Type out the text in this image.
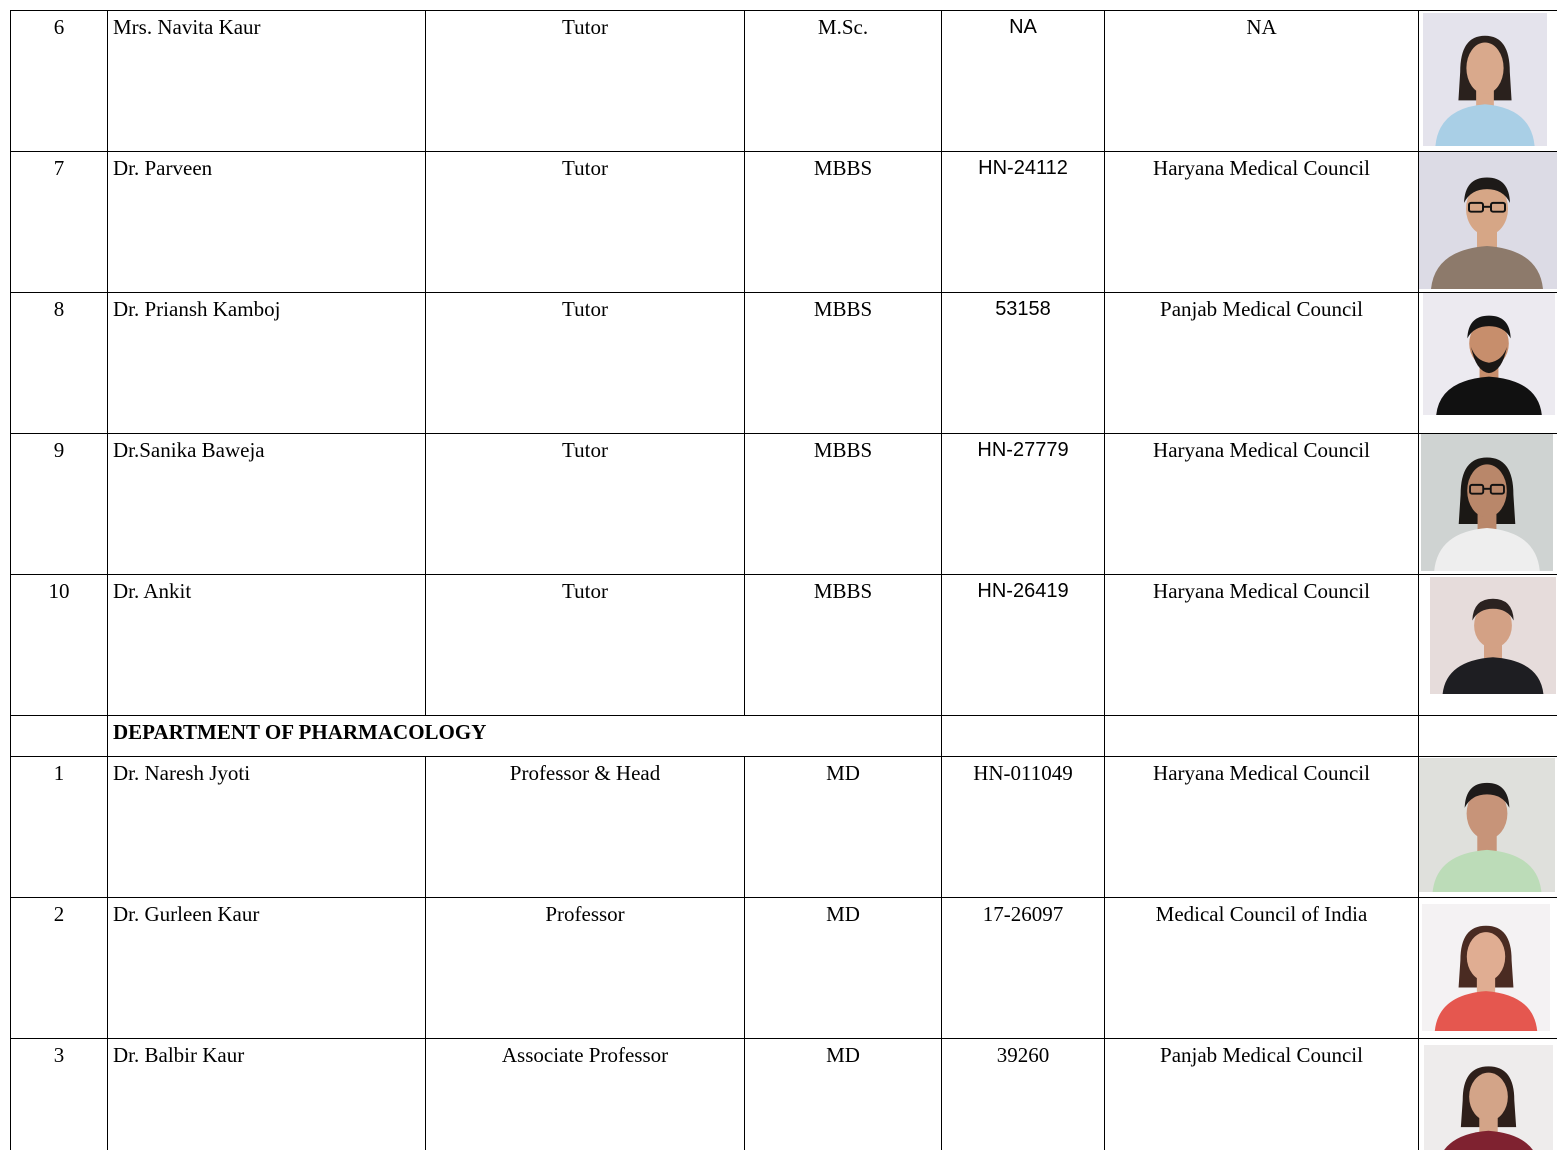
6	Mrs. Navita Kaur	Tutor	M.Sc.	NA	NA	

7	Dr. Parveen	Tutor	MBBS	HN-24112	Haryana Medical Council	

8	Dr. Priansh Kamboj	Tutor	MBBS	53158	Panjab Medical Council	

9	Dr.Sanika Baweja	Tutor	MBBS	HN-27779	Haryana Medical Council	

10	Dr. Ankit	Tutor	MBBS	HN-26419	Haryana Medical Council	

	DEPARTMENT OF PHARMACOLOGY					
1	Dr. Naresh Jyoti	Professor & Head	MD	HN-011049	Haryana Medical Council	

2	Dr. Gurleen Kaur	Professor	MD	17-26097	Medical Council of India	

3	Dr. Balbir Kaur	Associate Professor	MD	39260	Panjab Medical Council	
